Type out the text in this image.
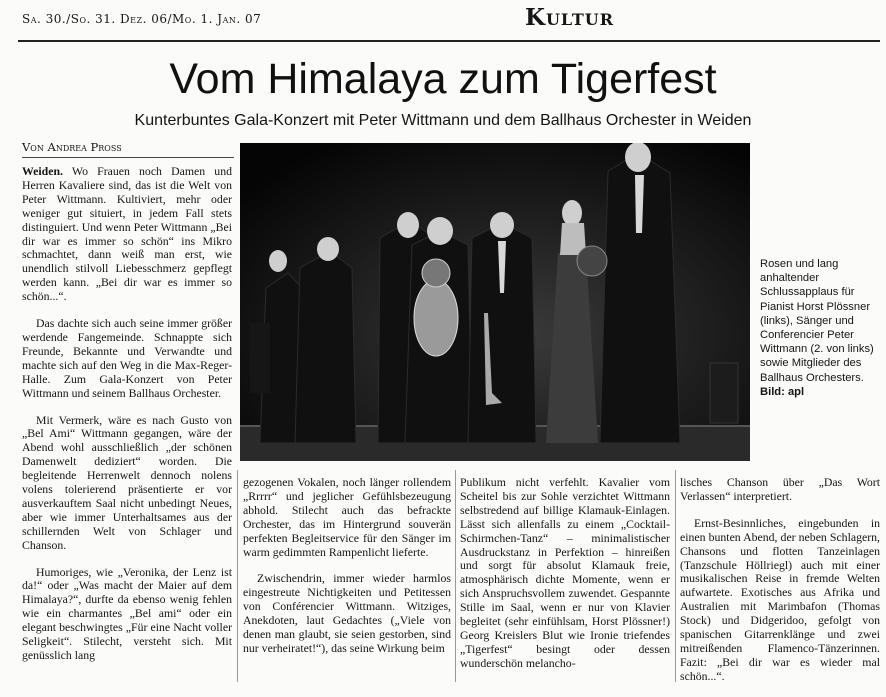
Sa. 30./So. 31. Dez. 06/Mo. 1. Jan. 07	Kultur
Vom Himalaya zum Tigerfest
Kunterbuntes Gala-Konzert mit Peter Wittmann und dem Ballhaus Orchester in Weiden
Von Andrea Proß

Weiden. Wo Frauen noch Damen und Herren Kavaliere sind, das ist die Welt von Peter Wittmann. Kultiviert, mehr oder weniger gut situiert, in jedem Fall stets distinguiert. Und wenn Peter Wittmann „Bei dir war es immer so schön“ ins Mikro schmachtet, dann weiß man erst, wie unendlich stilvoll Liebesschmerz gepflegt werden kann. „Bei dir war es immer so schön...“.

Das dachte sich auch seine immer größer werdende Fangemeinde. Schnappte sich Freunde, Bekannte und Verwandte und machte sich auf den Weg in die Max-Reger-Halle. Zum Gala-Konzert von Peter Wittmann und seinem Ballhaus Orchester.

Mit Vermerk, wäre es nach Gusto von „Bel Ami“ Wittmann gegangen, wäre der Abend wohl ausschließlich „der schönen Damenwelt dediziert“ worden. Die begleitende Herrenwelt dennoch nolens volens tolerierend präsentierte er vor ausverkauftem Saal nicht unbedingt Neues, aber wie immer Unterhaltsames aus der schillernden Welt von Schlager und Chanson.

Humoriges, wie „Veronika, der Lenz ist da!“ oder „Was macht der Maier auf dem Himalaya?“, durfte da ebenso wenig fehlen wie ein charmantes „Bel ami“ oder ein elegant beschwingtes „Für eine Nacht voller Seligkeit“. Stilecht, versteht sich. Mit genüsslich lang

Rosen und lang anhaltender Schlussapplaus für Pianist Horst Plössner (links), Sänger und Conferencier Peter Wittmann (2. von links) sowie Mitglieder des Ballhaus Orchesters. Bild: apl

gezogenen Vokalen, noch länger rollendem „Rrrrr“ und jeglicher Gefühlsbezeugung abhold. Stilecht auch das befrackte Orchester, das im Hintergrund souverän perfekten Begleitservice für den Sänger im warm gedimmten Rampenlicht lieferte.

Zwischendrin, immer wieder harmlos eingestreute Nichtigkeiten und Petitessen von Conférencier Wittmann. Witziges, Anekdoten, laut Gedachtes („Viele von denen man glaubt, sie seien gestorben, sind nur verheiratet!“), das seine Wirkung beim

Publikum nicht verfehlt. Kavalier vom Scheitel bis zur Sohle verzichtet Wittmann selbstredend auf billige Klamauk-Einlagen. Lässt sich allenfalls zu einem „Cocktail-Schirmchen-Tanz“ – minimalistischer Ausdruckstanz in Perfektion – hinreißen und sorgt für absolut Klamauk freie, atmosphärisch dichte Momente, wenn er sich Anspruchsvollem zuwendet. Gespannte Stille im Saal, wenn er nur von Klavier begleitet (sehr einfühlsam, Horst Plössner!) Georg Kreislers Blut wie Ironie triefendes „Tigerfest“ besingt oder dessen wunderschön melancho-

lisches Chanson über „Das Wort Verlassen“ interpretiert.

Ernst-Besinnliches, eingebunden in einen bunten Abend, der neben Schlagern, Chansons und flotten Tanzeinlagen (Tanzschule Höllriegl) auch mit einer musikalischen Reise in fremde Welten aufwartete. Exotisches aus Afrika und Australien mit Marimbafon (Thomas Stock) und Didgeridoo, gefolgt von spanischen Gitarrenklänge und zwei mitreißenden Flamenco-Tänzerinnen. Fazit: „Bei dir war es wieder mal schön...“.
